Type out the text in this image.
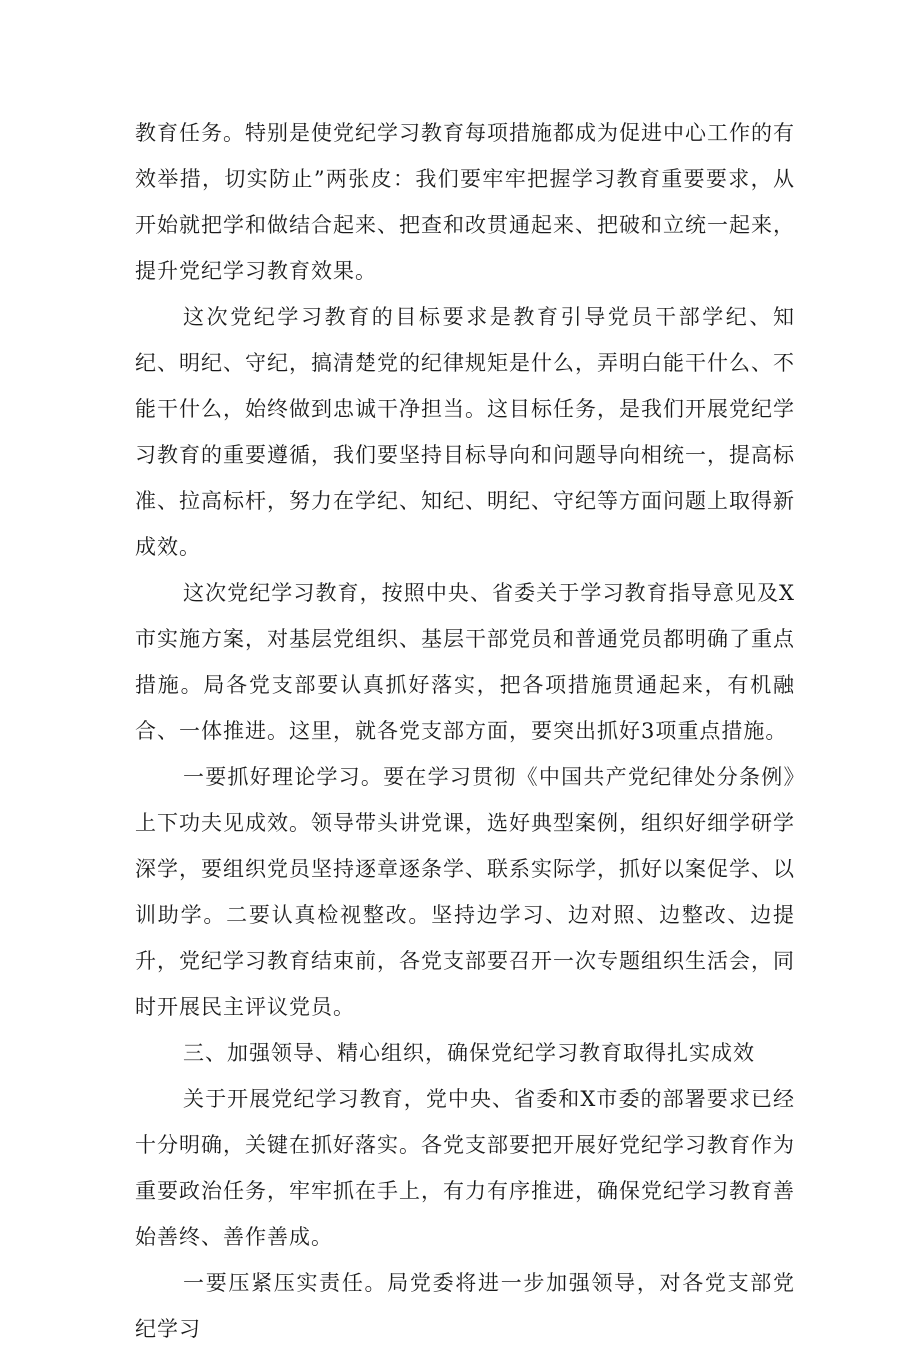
教育任务。特别是使党纪学习教育每项措施都成为促进中心工作的有效举措，切实防止”两张皮：我们要牢牢把握学习教育重要要求，从开始就把学和做结合起来、把查和改贯通起来、把破和立统一起来，提升党纪学习教育效果。

这次党纪学习教育的目标要求是教育引导党员干部学纪、知纪、明纪、守纪，搞清楚党的纪律规矩是什么，弄明白能干什么、不能干什么，始终做到忠诚干净担当。这目标任务，是我们开展党纪学习教育的重要遵循，我们要坚持目标导向和问题导向相统一，提高标准、拉高标杆，努力在学纪、知纪、明纪、守纪等方面问题上取得新成效。

这次党纪学习教育，按照中央、省委关于学习教育指导意见及X市实施方案，对基层党组织、基层干部党员和普通党员都明确了重点措施。局各党支部要认真抓好落实，把各项措施贯通起来，有机融合、一体推进。这里，就各党支部方面，要突出抓好3项重点措施。

一要抓好理论学习。要在学习贯彻《中国共产党纪律处分条例》上下功夫见成效。领导带头讲党课，选好典型案例，组织好细学研学深学，要组织党员坚持逐章逐条学、联系实际学，抓好以案促学、以训助学。二要认真检视整改。坚持边学习、边对照、边整改、边提升，党纪学习教育结束前，各党支部要召开一次专题组织生活会，同时开展民主评议党员。

三、加强领导、精心组织，确保党纪学习教育取得扎实成效

关于开展党纪学习教育，党中央、省委和X市委的部署要求已经十分明确，关键在抓好落实。各党支部要把开展好党纪学习教育作为重要政治任务，牢牢抓在手上，有力有序推进，确保党纪学习教育善始善终、善作善成。

一要压紧压实责任。局党委将进一步加强领导，对各党支部党纪学习
